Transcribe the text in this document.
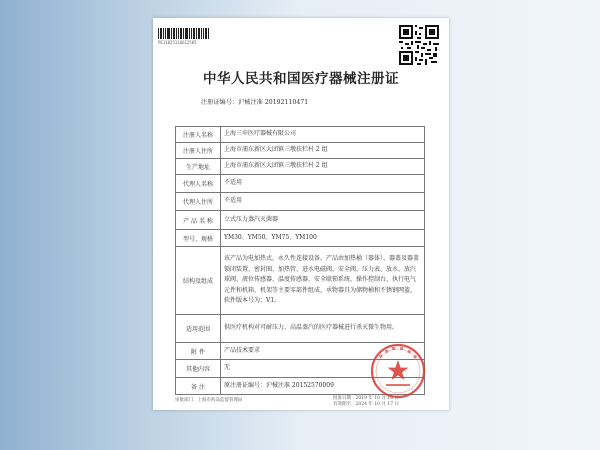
PE11025110612505
中华人民共和国医疗器械注册证
注册证编号：沪械注准 20192110471
注册人名称	上海三申医疗器械有限公司
注册人住所	上海市浦东新区大团镇三墩扶栏村 2 组
生产地址	上海市浦东新区大团镇三墩扶栏村 2 组
代理人名称	不适用
代理人住所	不适用
产 品 名 称	立式压力蒸汽灭菌器
型号、规格	YM30、YM50、YM75、YM100
结构及组成	该产品为电加热式，永久性连接设备。产品由加热桶（器体）、器盖及器盖锁闭装置、密封圈、加热管、进水电磁阀、安全阀、压力表、放水、放汽球阀、液位传感器、温度传感器、安全联锁系统、操作控制台、执行电气元件和机箱、机架等主要零部件组成，承物器具为储物桶和不锈钢网篮，软件版本号为：V1。
适用范围	供医疗机构对可耐压力、高温蒸汽的医疗器械进行杀灭微生物用。
附 件	产品技术要求
其他内容	无
备 注	原注册证编号：沪械注准 20152570009
审批部门：上海市药品监督管理局	批准日期：2019 年 10 月 18 日
有效期至：2024 年 10 月 17 日
